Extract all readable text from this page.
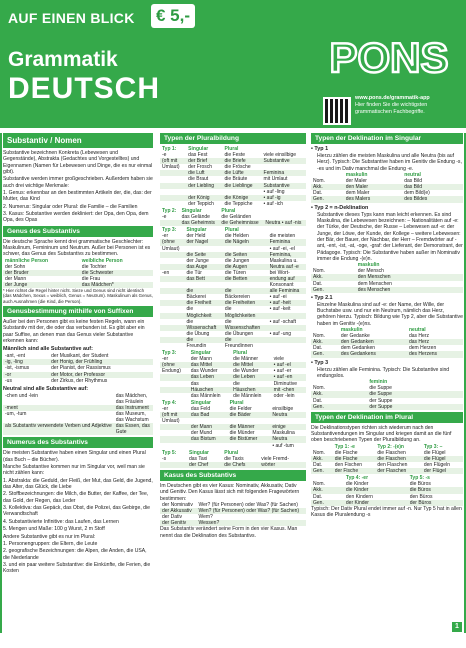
AUF EINEN BLICK € 5,-
Grammatik
DEUTSCH
PONS
www.pons.de/grammatik-app
Hier finden Sie die wichtigsten grammatischen Fachbegriffe.
Substantiv / Nomen

Substantive bezeichnen Konkreta (Lebewesen und Gegenstände), Abstrakta (Gedachtes und Vorgestelltes) und Eigennamen (Namen für Lebewesen und Dinge, die es nur einmal gibt).

Substantive werden immer großgeschrieben. Außerdem haben sie auch drei wichtige Merkmale:

1. Genus: erkennbar an den bestimmten Artikeln der, die, das: der Mutter, das Kind

2. Numerus: Singular oder Plural: die Familie – die Familien

3. Kasus: Substantive werden dekliniert: der Opa, den Opa, dem Opa, des Opas

Genus des Substantivs
Die deutsche Sprache kennt drei grammatische Geschlechter: Maskulinum, Femininum und Neutrum. Außer bei Personen ist es schwer, das Genus des Substantivs zu bestimmen.
männliche Person	weibliche Person
der Sohn	die Tochter
der Bruder	die Schwester
der Mann	die Frau
der Junge	das Mädchen*
* Hier richtet die Regel hinter nicht. Sieze und Genus sind nicht identisch (das Mädchen, Sexus = weiblich, Genus = Neutrum). Maskulinum als Genus, auch Ausnahmen (die Kind, die Person).
Genusbestimmung mithilfe von Suffixen
Außer bei den Personen gibt es keine festen Regeln, wann ein Substantiv mit der, die oder das verbunden ist. Es gibt aber ein paar Suffixe, an denen man das Genus vieler Substantive erkennen kann:
Männlich sind alle Substantive auf:
-ant, -ent	der Musikant, der Student
-ig, -ling	der Honig, der Frühling
-ist, -ismus	der Pianist, der Rassismus
-or	der Motor, der Professor
-us	der Zirkus, der Rhythmus
Neutral sind alle Substantive auf:
-chen und -lein	das Mädchen, das Fräulein
-ment	das Instrument
-um, -tum	das Museum, das Wachstum
als Substantiv verwendete Verben und Adjektive	das Essen, das Gute
Numerus des Substantivs

Die meisten Substantive haben einen Singular und einen Plural (das Buch – die Bücher).

Manche Substantive kommen nur im Singular vor, weil man sie nicht zählen kann:

1. Abstrakta: die Geduld, der Fleiß, der Mut, das Geld, die Jugend, das Alter, das Glück, die Liebe

2. Stoffbezeichnungen: die Milch, die Butter, der Kaffee, der Tee, das Gold, der Regen, das Leder

3. Kollektiva: das Gepäck, das Obst, die Polizei, das Gebirge, die Verwandtschaft

4. Substantivierte Infinitive: das Laufen, das Lernen

5. Mengen und Maße: 100 g Wurst, 2 m Stoff

Andere Substantive gibt es nur im Plural:

1. Personengruppen: die Eltern, die Leute

2. geografische Bezeichnungen: die Alpen, die Anden, die USA, die Niederlande

3. und ein paar weitere Substantive: die Einkünfte, die Ferien, die Kosten

Typen der Pluralbildung
Typ 1:	Singular	Plural	
-e	das Fest	die Feste	viele einsilbige
(oft mit	der Brief	die Briefe	Substantive
Umlaut)	der Frosch	die Frösche	
	die Luft	die Lüfte	Feminina
	die Braut	die Bräute	mit Umlaut
	der Liebling	die Lieblinge	Substantive
			• auf -ling
	der König	die Könige	• auf -ig
	der Teppich	die Teppiche	• auf -ich
Typ 2:	Singular	Plural	
-e	das Gelände	die Geländen	
	das Geheimnis	die Geheimnisse	Neutra • auf -nis
Typ 3:	Singular	Plural	
-er	der Held	die Helden	die meisten
(ohne	der Nagel	die Nägeln	Feminina
Umlaut)			• auf -ei, -el
	die Seite	die Seiten	Feminina,
	der Junge	die Jungen	Maskulina u.
	das Auge	die Augen	Neutra auf -e
-en	die Tür	die Türen	bei Wort-
	das Bett	die Betten	endung auf
			Konsonant
	die	die	alle Feminina
	Bäckerei	Bäckereien	• auf -ei
	die Freiheit	die Freiheiten	• auf -heit
	die	die	• auf -keit
	Möglichkeit	Möglichkeiten	
	die	die	• auf -schaft
	Wissenschaft	Wissenschaften	
	die Übung	die Übungen	• auf -ung
	die	die	
	Freundin	Freundinnen	
Typ 3:	Singular	Plural	
-er	der Mann	die Männer	viele
(ohne	das Mittel	die Mittel	• auf -el
Endung)	das Wunder	die Wunder	• auf -er
	das Leben	die Leben	• auf -en
	das	die	Diminutive
	Häuschen	Häuschen	mit -chen
	das Männlein	die Männlein	oder -lein
Typ 4:	Singular	Plural	
-er	das Feld	die Felder	einsilbige
(oft mit	das Bad	die Bäder	Neutra
Umlaut)			
	der Mann	die Männer	einige
	der Mund	die Münder	Maskulina
	das Bistum	die Bistümer	Neutra
			• auf -tum
Typ 5:	Singular	Plural	
-s	das Taxi	die Taxis	viele Fremd-
	der Chef	die Chefs	wörter
Kasus des Substantivs
Im Deutschen gibt es vier Kasus: Nominativ, Akkusativ, Dativ und Genitiv. Den Kasus lässt sich mit folgenden Fragewörtern bestimmen:
der Nominativ	Wer? (für Personen) oder Was? (für Sachen)
der Akkusativ	Wen? (für Personen) oder Was? (für Sachen)
der Dativ	Wem?
der Genitiv	Wessen?
Das Substantiv verändert seine Form in den vier Kasus. Man nennt das die Deklination des Substantivs.
Typen der Deklination im Singular
• Typ 1
Hierzu zählen die meisten Maskulina und alle Neutra (bis auf Herz). Typisch: Die Substantive haben im Genitiv die Endung -s, -es und im Dativ manchmal die Endung -e.
	maskulin	neutral
Nom.	der Maler	das Bild
Akk.	den Maler	das Bild
Dat.	dem Maler	dem Bild(e)
Gen.	des Malers	des Bildes
• Typ 2 = n-Deklination
Substantive dieses Typs kann man leicht erkennen. Es sind Maskulina, die Lebewesen bezeichnen: – Nationalitäten auf -e: der Türke, der Deutsche, der Russe – Lebewesen auf -e: der Junge, der Löwe, der Kunde, der Kollege – weitere Lebewesen: der Bär, der Bauer, der Nachbar, der Herr – Fremdwörter auf -ant, -ent, -ist, -at, -oge, -graf: der Lieferant, der Demonstrant, der Pädagoge. Typisch: Die Substantive haben außer im Nominativ immer die Endung -(e)n.
	maskulin
Nom.	der Mensch
Akk.	den Menschen
Dat.	dem Menschen
Gen.	des Menschen
• Typ 2.1
Einzelne Maskulina sind auf -e: der Name, der Wille, der Buchstabe usw. und nur ein Neutrum, nämlich das Herz, gehören hierzu. Typisch: Bildung wie Typ 2, aber die Substantive haben im Genitiv -(e)ns.
	maskulin	neutral
Nom.	der Gedanke	das Herz
Akk.	den Gedanken	das Herz
Dat.	dem Gedanken	dem Herzen
Gen.	des Gedankens	des Herzens
• Typ 3
Hierzu zählen alle Feminina. Typisch: Die Substantive sind endungslos.
	feminin
Nom.	die Suppe
Akk.	die Suppe
Dat.	der Suppe
Gen.	der Suppe
Typen der Deklination im Plural
Die Deklinationstypen richten sich wiederum nach den Substantivendungen im Singular und kriegen damit an die fünf oben beschriebenen Typen der Pluralbildung an.
	Typ 1: -e	Typ 2: -(e)n	Typ 3: –
Nom.	die Fische	die Flaschen	die Flügel
Akk.	die Fische	die Flaschen	die Flügel
Dat.	den Fischen	den Flaschen	den Flügeln
Gen.	der Fische	der Flaschen	der Flügel
	Typ 4: -er	Typ 5: -s
Nom.	die Kinder	die Büros
Akk.	die Kinder	die Büros
Dat.	den Kindern	den Büros
Gen.	der Kinder	der Büros
Typisch: Der Dativ Plural endet immer auf -n. Nur Typ 5 hat in allen Kasus die Pluralendung -s
1
